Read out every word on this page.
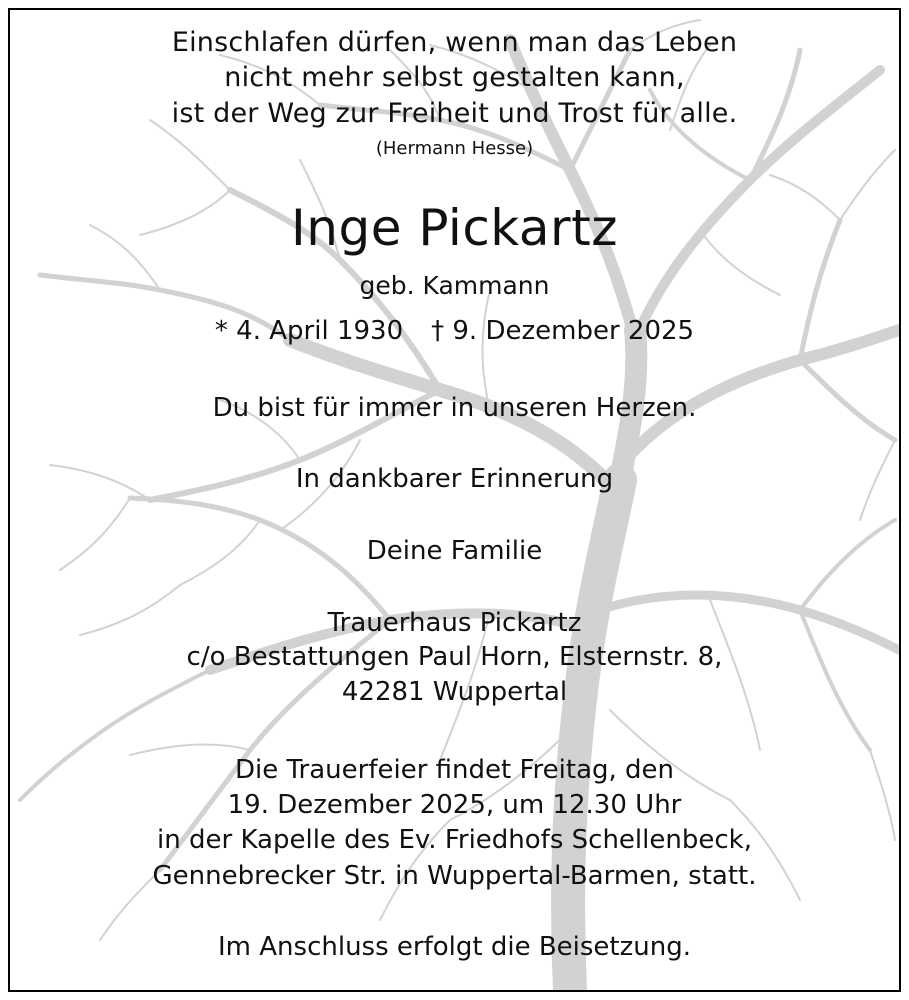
Einschlafen dürfen, wenn man das Leben
nicht mehr selbst gestalten kann,
ist der Weg zur Freiheit und Trost für alle.
(Hermann Hesse)
Inge Pickartz
geb. Kammann
* 4. April 1930 † 9. Dezember 2025
Du bist für immer in unseren Herzen.
In dankbarer Erinnerung
Deine Familie
Trauerhaus Pickartz
c/o Bestattungen Paul Horn, Elsternstr. 8,
42281 Wuppertal
Die Trauerfeier findet Freitag, den
19. Dezember 2025, um 12.30 Uhr
in der Kapelle des Ev. Friedhofs Schellenbeck,
Gennebrecker Str. in Wuppertal-Barmen, statt.
Im Anschluss erfolgt die Beisetzung.
